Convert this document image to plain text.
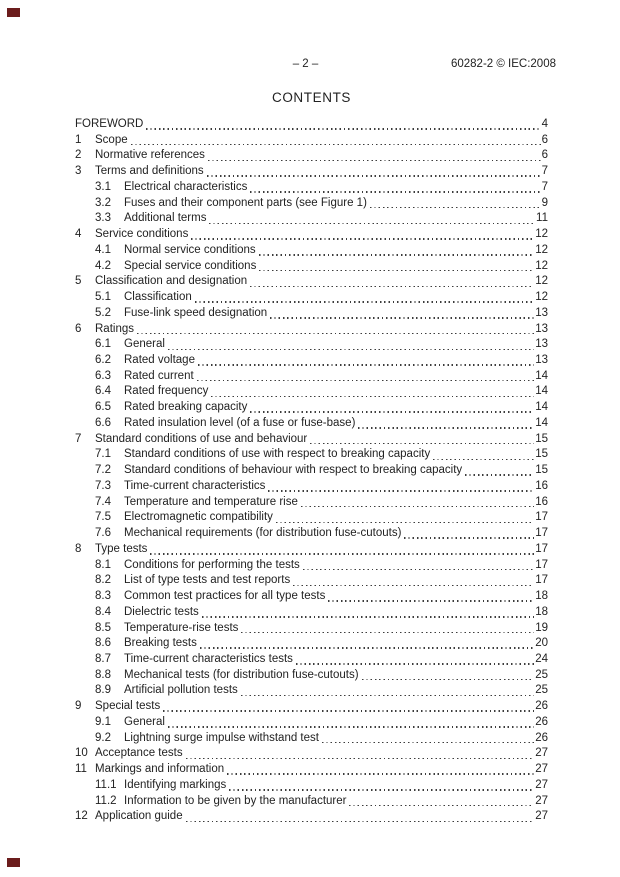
– 2 –	60282-2 © IEC:2008
CONTENTS
FOREWORD	4
1	Scope	6
2	Normative references	6
3	Terms and definitions	7
3.1	Electrical characteristics	7
3.2	Fuses and their component parts (see Figure 1)	9
3.3	Additional terms	11
4	Service conditions	12
4.1	Normal service conditions	12
4.2	Special service conditions	12
5	Classification and designation	12
5.1	Classification	12
5.2	Fuse-link speed designation	13
6	Ratings	13
6.1	General	13
6.2	Rated voltage	13
6.3	Rated current	14
6.4	Rated frequency	14
6.5	Rated breaking capacity	14
6.6	Rated insulation level (of a fuse or fuse-base)	14
7	Standard conditions of use and behaviour	15
7.1	Standard conditions of use with respect to breaking capacity	15
7.2	Standard conditions of behaviour with respect to breaking capacity	15
7.3	Time-current characteristics	16
7.4	Temperature and temperature rise	16
7.5	Electromagnetic compatibility	17
7.6	Mechanical requirements (for distribution fuse-cutouts)	17
8	Type tests	17
8.1	Conditions for performing the tests	17
8.2	List of type tests and test reports	17
8.3	Common test practices for all type tests	18
8.4	Dielectric tests	18
8.5	Temperature-rise tests	19
8.6	Breaking tests	20
8.7	Time-current characteristics tests	24
8.8	Mechanical tests (for distribution fuse-cutouts)	25
8.9	Artificial pollution tests	25
9	Special tests	26
9.1	General	26
9.2	Lightning surge impulse withstand test	26
10 Acceptance tests	27
11 Markings and information	27
11.1 Identifying markings	27
11.2 Information to be given by the manufacturer	27
12 Application guide	27
